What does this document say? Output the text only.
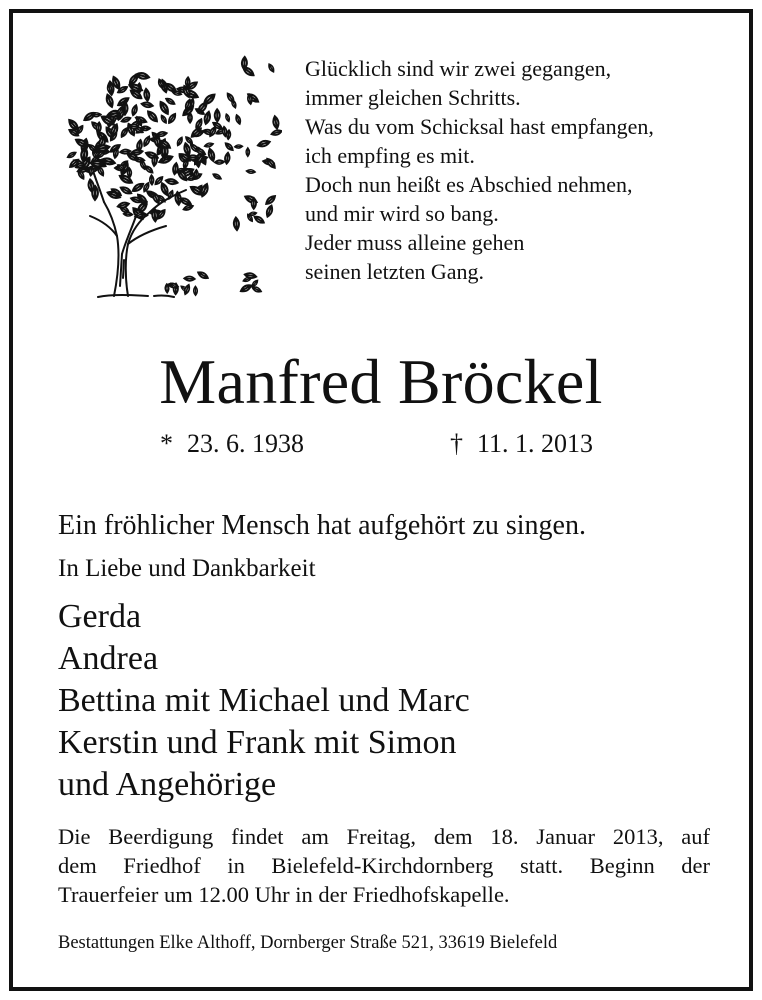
Glücklich sind wir zwei gegangen,
immer gleichen Schritts.
Was du vom Schicksal hast empfangen,
ich empfing es mit.
Doch nun heißt es Abschied nehmen,
und mir wird so bang.
Jeder muss alleine gehen
seinen letzten Gang.
Manfred Bröckel
* 23. 6. 1938	† 11. 1. 2013
Ein fröhlicher Mensch hat aufgehört zu singen.
In Liebe und Dankbarkeit
Gerda
Andrea
Bettina mit Michael und Marc
Kerstin und Frank mit Simon
und Angehörige
Die Beerdigung findet am Freitag, dem 18. Januar 2013, auf
dem Friedhof in Bielefeld-Kirchdornberg statt. Beginn der
Trauerfeier um 12.00 Uhr in der Friedhofskapelle.
Bestattungen Elke Althoff, Dornberger Straße 521, 33619 Bielefeld
